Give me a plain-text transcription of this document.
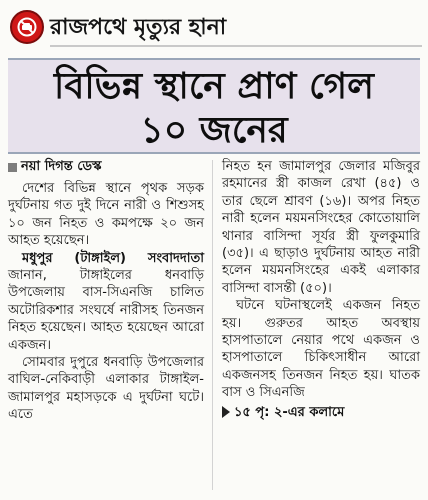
রাজপথে মৃত্যুর হানা
বিভিন্ন স্থানে প্রাণ গেল
১০ জনের
নয়া দিগন্ত ডেস্ক

দেশের বিভিন্ন স্থানে পৃথক সড়ক দুর্ঘটনায় গত দুই দিনে নারী ও শিশুসহ ১০ জন নিহত ও কমপক্ষে ২০ জন আহত হয়েছেন।

মধুপুর (টাঙ্গাইল) সংবাদদাতা জানান, টাঙ্গাইলের ধনবাড়ি উপজেলায় বাস-সিএনজি চালিত অটোরিকশার সংঘর্ষে নারীসহ তিনজন নিহত হয়েছেন। আহত হয়েছেন আরো একজন।

সোমবার দুপুরে ধনবাড়ি উপজেলার বাঘিল-নেকিবাড়ী এলাকার টাঙ্গাইল-জামালপুর মহাসড়কে এ দুর্ঘটনা ঘটে। এতে

নিহত হন জামালপুর জেলার মজিবুর রহমানের স্ত্রী কাজল রেখা (৪৫) ও তার ছেলে শ্রাবণ (১৬)। অপর নিহত নারী হলেন ময়মনসিংহের কোতোয়ালি থানার বাসিন্দা সূর্যর স্ত্রী ফুলকুমারি (৩৫)। এ ছাড়াও দুর্ঘটনায় আহত নারী হলেন ময়মনসিংহের একই এলাকার বাসিন্দা বাসন্তী (৫০)।

ঘটনে ঘটনাস্থলেই একজন নিহত হয়। গুরুতর আহত অবস্থায় হাসপাতালে নেয়ার পথে একজন ও হাসপাতালে চিকিৎসাধীন আরো একজনসহ তিনজন নিহত হয়। ঘাতক বাস ও সিএনজি

১৫ পৃ: ২-এর কলামে
